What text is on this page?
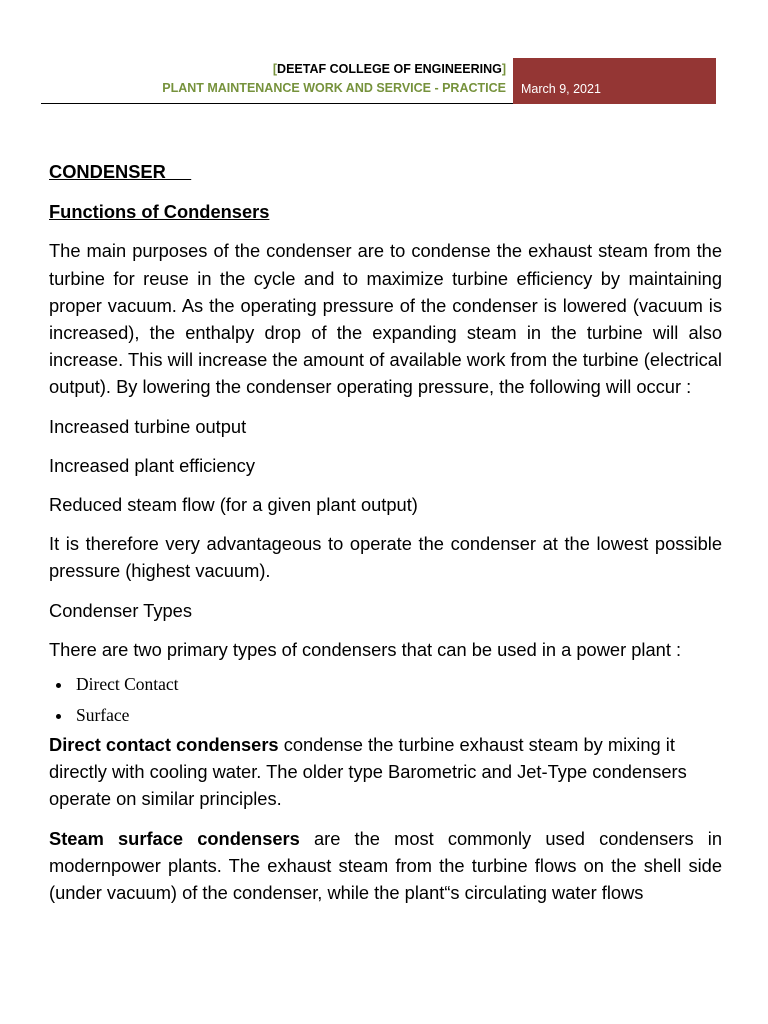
[DEETAF COLLEGE OF ENGINEERING]
PLANT MAINTENANCE WORK AND SERVICE - PRACTICE	March 9, 2021

CONDENSER

Functions of Condensers

The main purposes of the condenser are to condense the exhaust steam from the turbine for reuse in the cycle and to maximize turbine efficiency by maintaining proper vacuum. As the operating pressure of the condenser is lowered (vacuum is increased), the enthalpy drop of the expanding steam in the turbine will also increase. This will increase the amount of available work from the turbine (electrical output). By lowering the condenser operating pressure, the following will occur :

Increased turbine output

Increased plant efficiency

Reduced steam flow (for a given plant output)

It is therefore very advantageous to operate the condenser at the lowest possible pressure (highest vacuum).

Condenser Types

There are two primary types of condensers that can be used in a power plant :

• Direct Contact
• Surface

Direct contact condensers condense the turbine exhaust steam by mixing it directly with cooling water. The older type Barometric and Jet-Type condensers operate on similar principles.

Steam surface condensers are the most commonly used condensers in modernpower plants. The exhaust steam from the turbine flows on the shell side (under vacuum) of the condenser, while the plant“s circulating water flows
